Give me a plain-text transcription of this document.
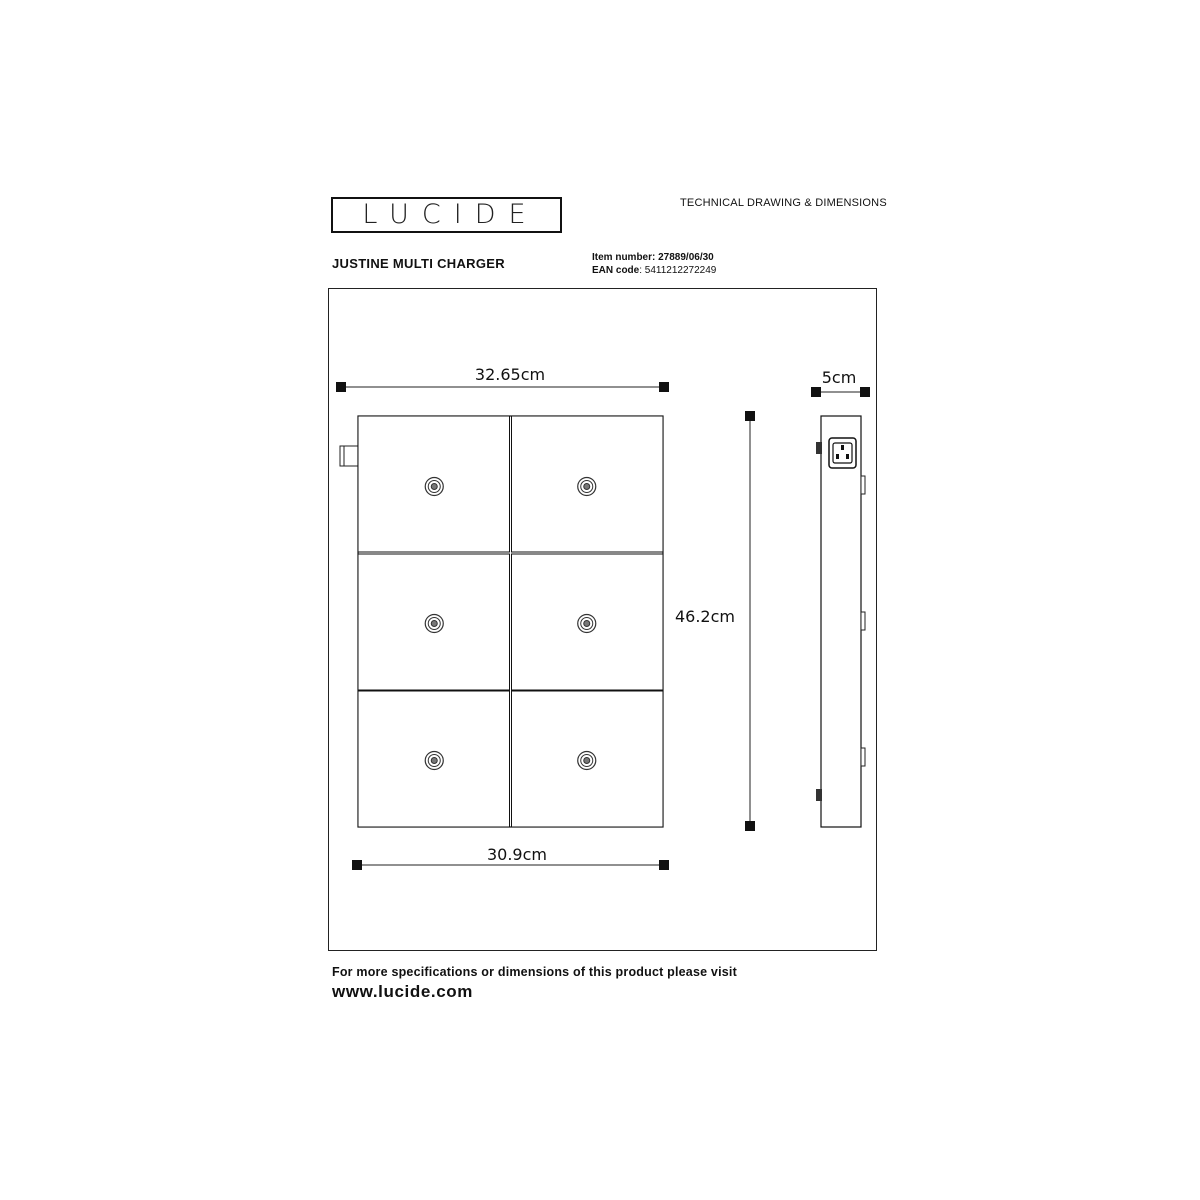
LUCIDE	TECHNICAL DRAWING & DIMENSIONS
JUSTINE MULTI CHARGER	Item number: 27889/06/30
EAN code: 5411212272249
32.65cm
30.9cm
46.2cm
5cm
For more specifications or dimensions of this product please visit
www.lucide.com
